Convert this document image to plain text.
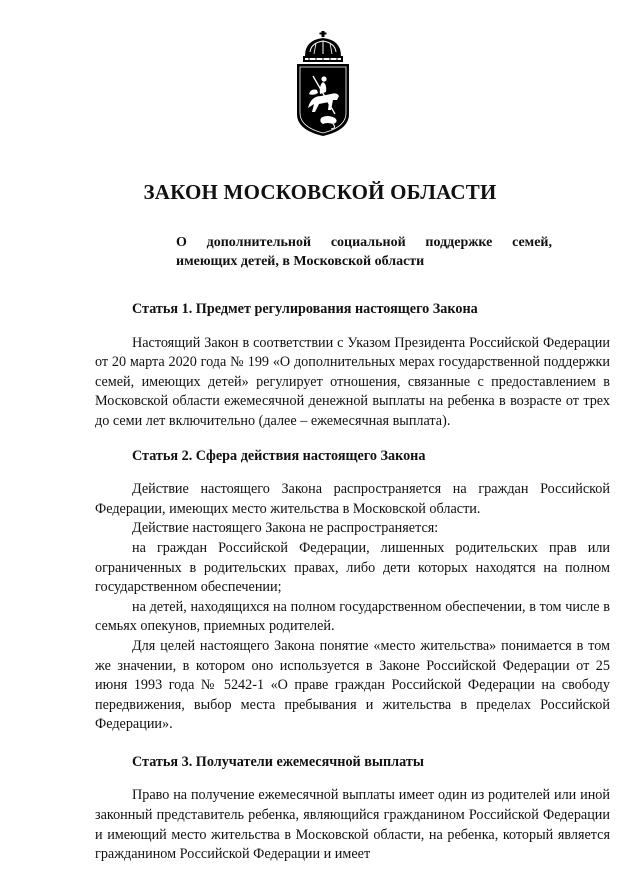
ЗАКОН МОСКОВСКОЙ ОБЛАСТИ
О дополнительной социальной поддержке семей,
имеющих детей, в Московской области
Статья 1. Предмет регулирования настоящего Закона

Настоящий Закон в соответствии с Указом Президента Российской Федерации от 20 марта 2020 года № 199 «О дополнительных мерах государственной поддержки семей, имеющих детей» регулирует отношения, связанные с предоставлением в Московской области ежемесячной денежной выплаты на ребенка в возрасте от трех до семи лет включительно (далее – ежемесячная выплата).

Статья 2. Сфера действия настоящего Закона

Действие настоящего Закона распространяется на граждан Российской Федерации, имеющих место жительства в Московской области.

Действие настоящего Закона не распространяется:

на граждан Российской Федерации, лишенных родительских прав или ограниченных в родительских правах, либо дети которых находятся на полном государственном обеспечении;

на детей, находящихся на полном государственном обеспечении, в том числе в семьях опекунов, приемных родителей.

Для целей настоящего Закона понятие «место жительства» понимается в том же значении, в котором оно используется в Законе Российской Федерации от 25 июня 1993 года № 5242-1 «О праве граждан Российской Федерации на свободу передвижения, выбор места пребывания и жительства в пределах Российской Федерации».

Статья 3. Получатели ежемесячной выплаты

Право на получение ежемесячной выплаты имеет один из родителей или иной законный представитель ребенка, являющийся гражданином Российской Федерации и имеющий место жительства в Московской области, на ребенка, который является гражданином Российской Федерации и имеет
